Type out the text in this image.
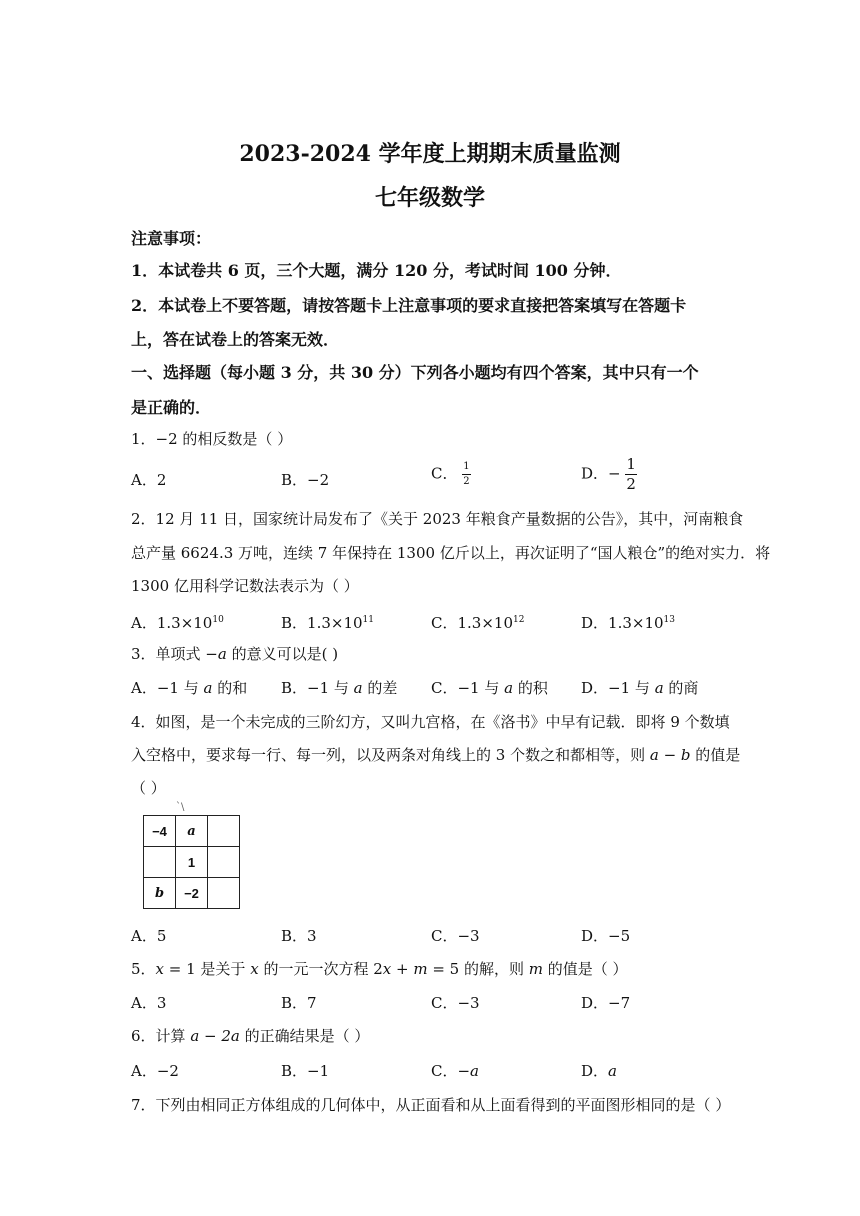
2023-2024 学年度上期期末质量监测
七年级数学
注意事项：
1．本试卷共 6 页，三个大题，满分 120 分，考试时间 100 分钟．
2．本试卷上不要答题，请按答题卡上注意事项的要求直接把答案填写在答题卡
上，答在试卷上的答案无效．
一、选择题（每小题 3 分，共 30 分）下列各小题均有四个答案，其中只有一个
是正确的．
1．−2 的相反数是（ ）
A．2	B．−2	C． $\frac{1}{2}$	D．− $\frac{1}{2}$
2．12 月 11 日，国家统计局发布了《关于 2023 年粮食产量数据的公告》，其中，河南粮食
总产量 6624.3 万吨，连续 7 年保持在 1300 亿斤以上，再次证明了“国人粮仓”的绝对实力．将
1300 亿用科学记数法表示为（ ）
A．$1.3\times 10^{10}$	B．$1.3\times 10^{11}$	C．$1.3\times 10^{12}$	D．$1.3\times 10^{13}$
3．单项式 −a 的意义可以是( )
A．−1 与 a 的和 B．−1 与 a 的差 C．−1 与 a 的积 D．−1 与 a 的商
4．如图，是一个未完成的三阶幻方，又叫九宫格，在《洛书》中早有记载．即将 9 个数填
入空格中，要求每一行、每一列，以及两条对角线上的 3 个数之和都相等，则 a − b 的值是
（ ）
`\
−4	a	
	1	
b	−2	
A．5	B．3	C．−3	D．−5
5．x = 1 是关于 x 的一元一次方程 2x + m = 5 的解，则 m 的值是（ ）
A．3	B．7	C．−3	D．−7
6．计算 a − 2a 的正确结果是（ ）
A．−2	B．−1	C．−a	D．a
7．下列由相同正方体组成的几何体中，从正面看和从上面看得到的平面图形相同的是（ ）
